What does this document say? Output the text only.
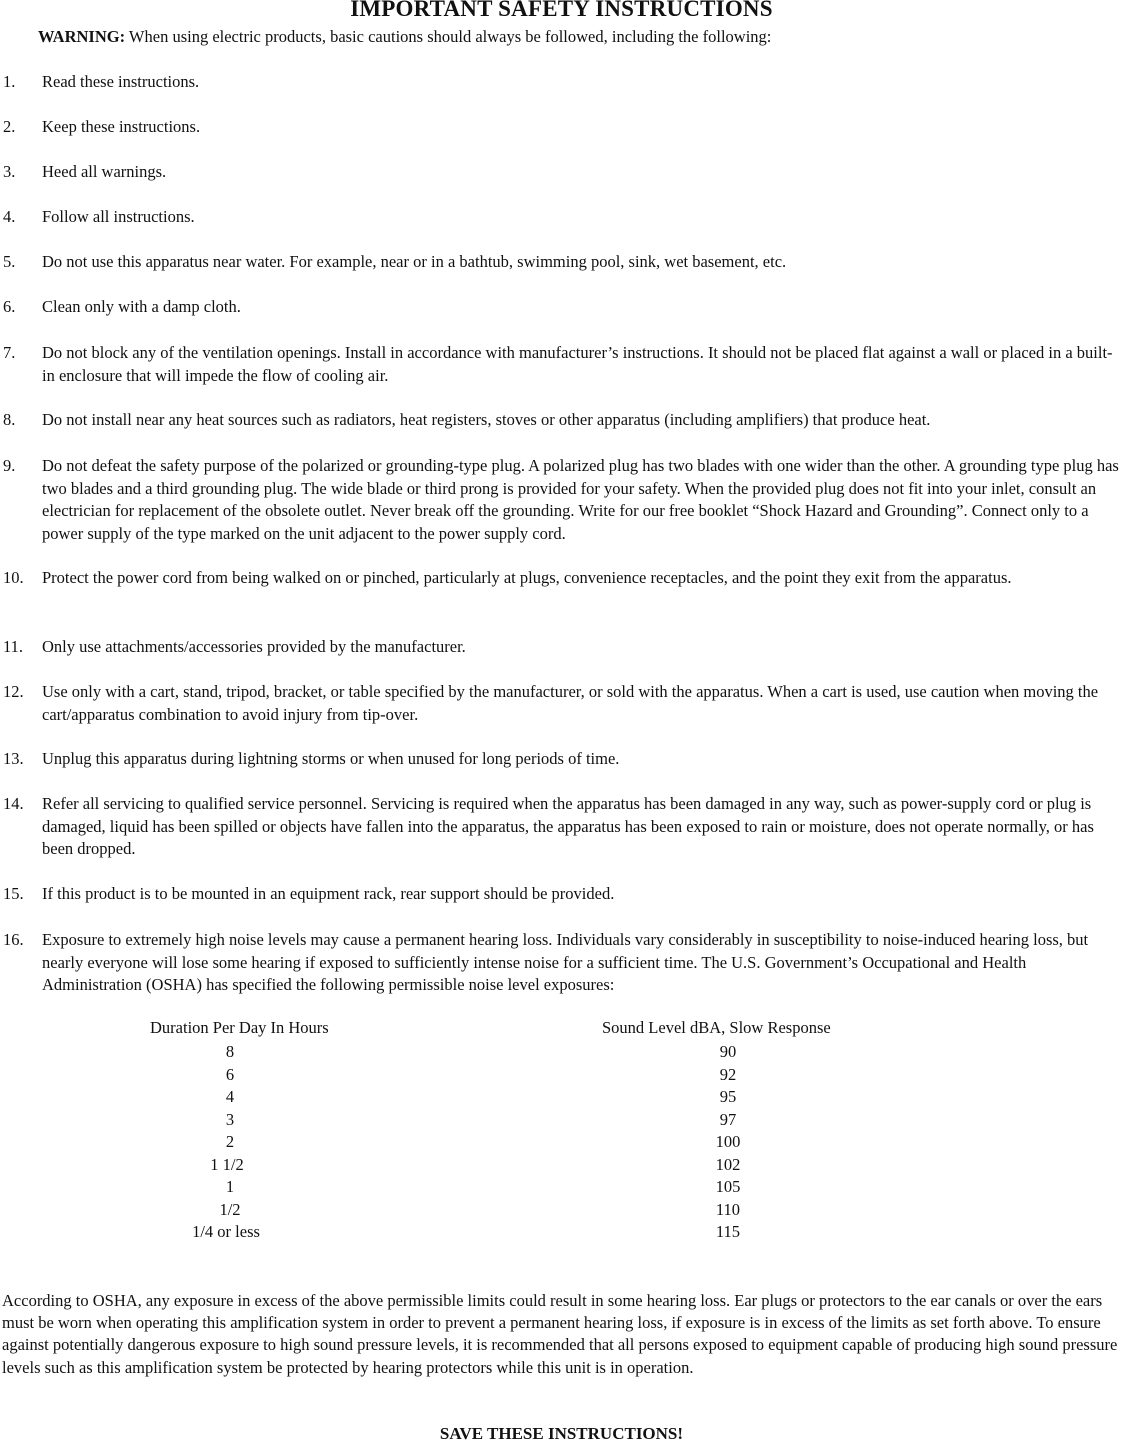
IMPORTANT SAFETY INSTRUCTIONS
WARNING: When using electric products, basic cautions should always be followed, including the following:
1. Read these instructions.
2. Keep these instructions.
3. Heed all warnings.
4. Follow all instructions.
5. Do not use this apparatus near water. For example, near or in a bathtub, swimming pool, sink, wet basement, etc.
6. Clean only with a damp cloth.
7. Do not block any of the ventilation openings. Install in accordance with manufacturer’s instructions. It should not be placed flat against a wall or placed in a built-in enclosure that will impede the flow of cooling air.
8. Do not install near any heat sources such as radiators, heat registers, stoves or other apparatus (including amplifiers) that produce heat.
9. Do not defeat the safety purpose of the polarized or grounding-type plug. A polarized plug has two blades with one wider than the other. A grounding type plug has two blades and a third grounding plug. The wide blade or third prong is provided for your safety. When the provided plug does not fit into your inlet, consult an electrician for replacement of the obsolete outlet. Never break off the grounding. Write for our free booklet “Shock Hazard and Grounding”. Connect only to a power supply of the type marked on the unit adjacent to the power supply cord.
10. Protect the power cord from being walked on or pinched, particularly at plugs, convenience receptacles, and the point they exit from the apparatus.
11. Only use attachments/accessories provided by the manufacturer.
12. Use only with a cart, stand, tripod, bracket, or table specified by the manufacturer, or sold with the apparatus. When a cart is used, use caution when moving the cart/apparatus combination to avoid injury from tip-over.
13. Unplug this apparatus during lightning storms or when unused for long periods of time.
14. Refer all servicing to qualified service personnel. Servicing is required when the apparatus has been damaged in any way, such as power-supply cord or plug is damaged, liquid has been spilled or objects have fallen into the apparatus, the apparatus has been exposed to rain or moisture, does not operate normally, or has been dropped.
15. If this product is to be mounted in an equipment rack, rear support should be provided.
16. Exposure to extremely high noise levels may cause a permanent hearing loss. Individuals vary considerably in susceptibility to noise-induced hearing loss, but nearly everyone will lose some hearing if exposed to sufficiently intense noise for a sufficient time. The U.S. Government’s Occupational and Health Administration (OSHA) has specified the following permissible noise level exposures:
Duration Per Day In Hours	Sound Level dBA, Slow Response
8	90
6	92
4	95
3	97
2	100
1 1/2	102
1	105
1/2	110
1/4 or less	115
According to OSHA, any exposure in excess of the above permissible limits could result in some hearing loss. Ear plugs or protectors to the ear canals or over the ears must be worn when operating this amplification system in order to prevent a permanent hearing loss, if exposure is in excess of the limits as set forth above. To ensure against potentially dangerous exposure to high sound pressure levels, it is recommended that all persons exposed to equipment capable of producing high sound pressure levels such as this amplification system be protected by hearing protectors while this unit is in operation.
SAVE THESE INSTRUCTIONS!
